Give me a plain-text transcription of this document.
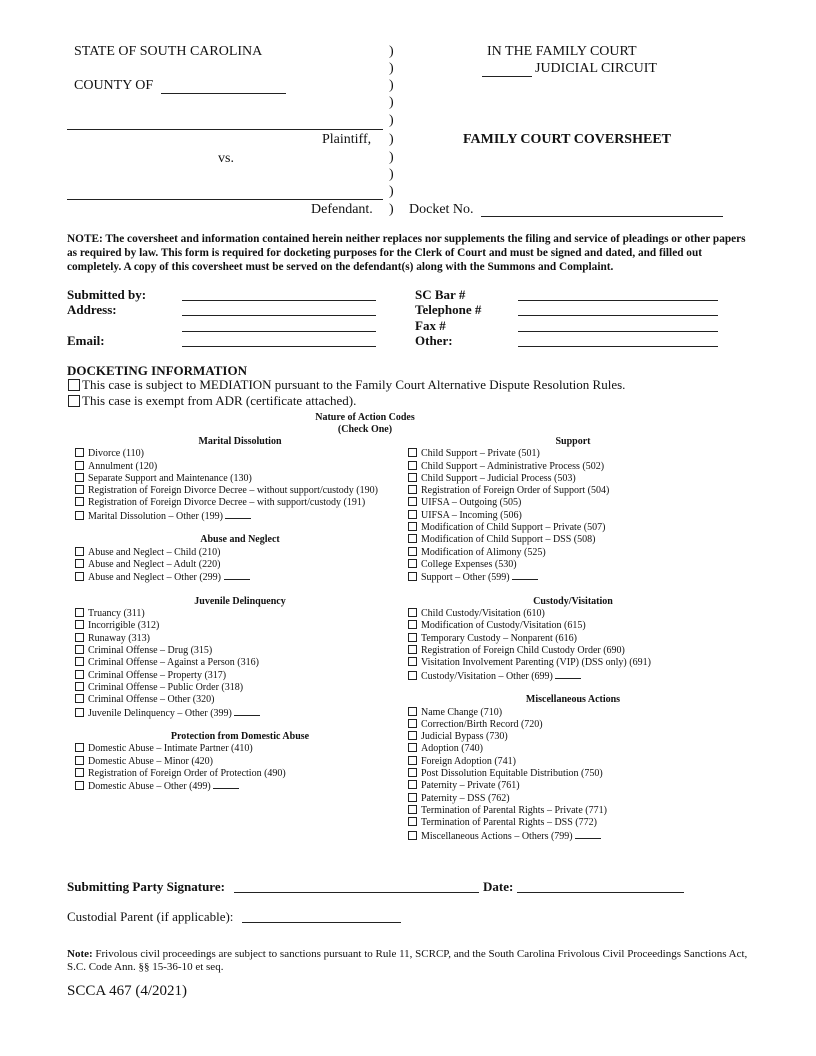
STATE OF SOUTH CAROLINA
COUNTY OF
IN THE FAMILY COURT
JUDICIAL CIRCUIT
Plaintiff,
vs.
Defendant.
FAMILY COURT COVERSHEET
Docket No.
)
)
)
)
)
)
)
)
)
)
NOTE: The coversheet and information contained herein neither replaces nor supplements the filing and service of pleadings or other papers as required by law. This form is required for docketing purposes for the Clerk of Court and must be signed and dated, and filled out completely. A copy of this coversheet must be served on the defendant(s) along with the Summons and Complaint.
Submitted by:
Address:
Email:
SC Bar #
Telephone #
Fax #
Other:
DOCKETING INFORMATION
This case is subject to MEDIATION pursuant to the Family Court Alternative Dispute Resolution Rules.
This case is exempt from ADR (certificate attached).
Nature of Action Codes
(Check One)
Marital Dissolution
Divorce (110)
Annulment (120)
Separate Support and Maintenance (130)
Registration of Foreign Divorce Decree – without support/custody (190)
Registration of Foreign Divorce Decree – with support/custody (191)
Marital Dissolution – Other (199)
Abuse and Neglect
Abuse and Neglect – Child (210)
Abuse and Neglect – Adult (220)
Abuse and Neglect – Other (299)
Juvenile Delinquency
Truancy (311)
Incorrigible (312)
Runaway (313)
Criminal Offense – Drug (315)
Criminal Offense – Against a Person (316)
Criminal Offense – Property (317)
Criminal Offense – Public Order (318)
Criminal Offense – Other (320)
Juvenile Delinquency – Other (399)
Protection from Domestic Abuse
Domestic Abuse – Intimate Partner (410)
Domestic Abuse – Minor (420)
Registration of Foreign Order of Protection (490)
Domestic Abuse – Other (499)
Support
Child Support – Private (501)
Child Support – Administrative Process (502)
Child Support – Judicial Process (503)
Registration of Foreign Order of Support (504)
UIFSA – Outgoing (505)
UIFSA – Incoming (506)
Modification of Child Support – Private (507)
Modification of Child Support – DSS (508)
Modification of Alimony (525)
College Expenses (530)
Support – Other (599)
Custody/Visitation
Child Custody/Visitation (610)
Modification of Custody/Visitation (615)
Temporary Custody – Nonparent (616)
Registration of Foreign Child Custody Order (690)
Visitation Involvement Parenting (VIP) (DSS only) (691)
Custody/Visitation – Other (699)
Miscellaneous Actions
Name Change (710)
Correction/Birth Record (720)
Judicial Bypass (730)
Adoption (740)
Foreign Adoption (741)
Post Dissolution Equitable Distribution (750)
Paternity – Private (761)
Paternity – DSS (762)
Termination of Parental Rights – Private (771)
Termination of Parental Rights – DSS (772)
Miscellaneous Actions – Others (799)
Submitting Party Signature:	Date:
Custodial Parent (if applicable):
Note: Frivolous civil proceedings are subject to sanctions pursuant to Rule 11, SCRCP, and the South Carolina Frivolous Civil Proceedings Sanctions Act, S.C. Code Ann. §§ 15-36-10 et seq.
SCCA 467 (4/2021)
